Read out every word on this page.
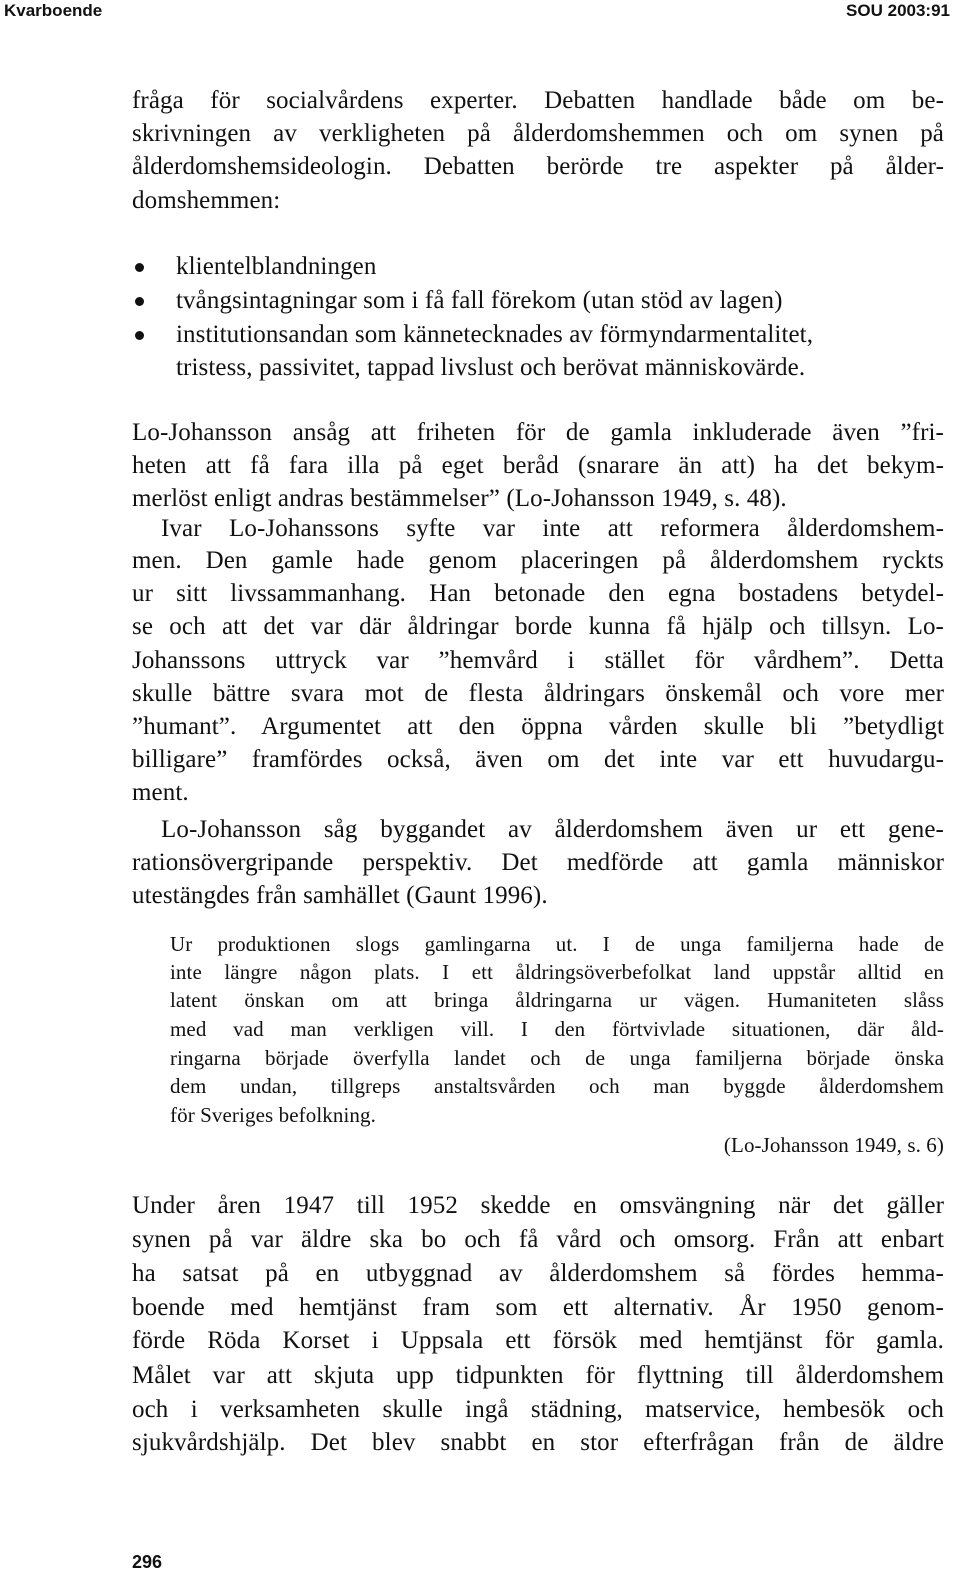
Kvarboende	SOU 2003:91
fråga för socialvårdens experter. Debatten handlade både om be-
skrivningen av verkligheten på ålderdomshemmen och om synen på
ålderdomshemsideologin. Debatten berörde tre aspekter på ålder-
domshemmen:
klientelblandningen
tvångsintagningar som i få fall förekom (utan stöd av lagen)
institutionsandan som kännetecknades av förmyndarmentalitet,
tristess, passivitet, tappad livslust och berövat människovärde.
Lo-Johansson ansåg att friheten för de gamla inkluderade även ”fri-
heten att få fara illa på eget beråd (snarare än att) ha det bekym-
merlöst enligt andras bestämmelser” (Lo-Johansson 1949, s. 48).
Ivar Lo-Johanssons syfte var inte att reformera ålderdomshem-
men. Den gamle hade genom placeringen på ålderdomshem ryckts
ur sitt livssammanhang. Han betonade den egna bostadens betydel-
se och att det var där åldringar borde kunna få hjälp och tillsyn. Lo-
Johanssons uttryck var ”hemvård i stället för vårdhem”. Detta
skulle bättre svara mot de flesta åldringars önskemål och vore mer
”humant”. Argumentet att den öppna vården skulle bli ”betydligt
billigare” framfördes också, även om det inte var ett huvudargu-
ment.
Lo-Johansson såg byggandet av ålderdomshem även ur ett gene-
rationsövergripande perspektiv. Det medförde att gamla människor
utestängdes från samhället (Gaunt 1996).
Ur produktionen slogs gamlingarna ut. I de unga familjerna hade de
inte längre någon plats. I ett åldringsöverbefolkat land uppstår alltid en
latent önskan om att bringa åldringarna ur vägen. Humaniteten slåss
med vad man verkligen vill. I den förtvivlade situationen, där åld-
ringarna började överfylla landet och de unga familjerna började önska
dem undan, tillgreps anstaltsvården och man byggde ålderdomshem
för Sveriges befolkning.
(Lo-Johansson 1949, s. 6)
Under åren 1947 till 1952 skedde en omsvängning när det gäller
synen på var äldre ska bo och få vård och omsorg. Från att enbart
ha satsat på en utbyggnad av ålderdomshem så fördes hemma-
boende med hemtjänst fram som ett alternativ. År 1950 genom-
förde Röda Korset i Uppsala ett försök med hemtjänst för gamla.
Målet var att skjuta upp tidpunkten för flyttning till ålderdomshem
och i verksamheten skulle ingå städning, matservice, hembesök och
sjukvårdshjälp. Det blev snabbt en stor efterfrågan från de äldre
296
